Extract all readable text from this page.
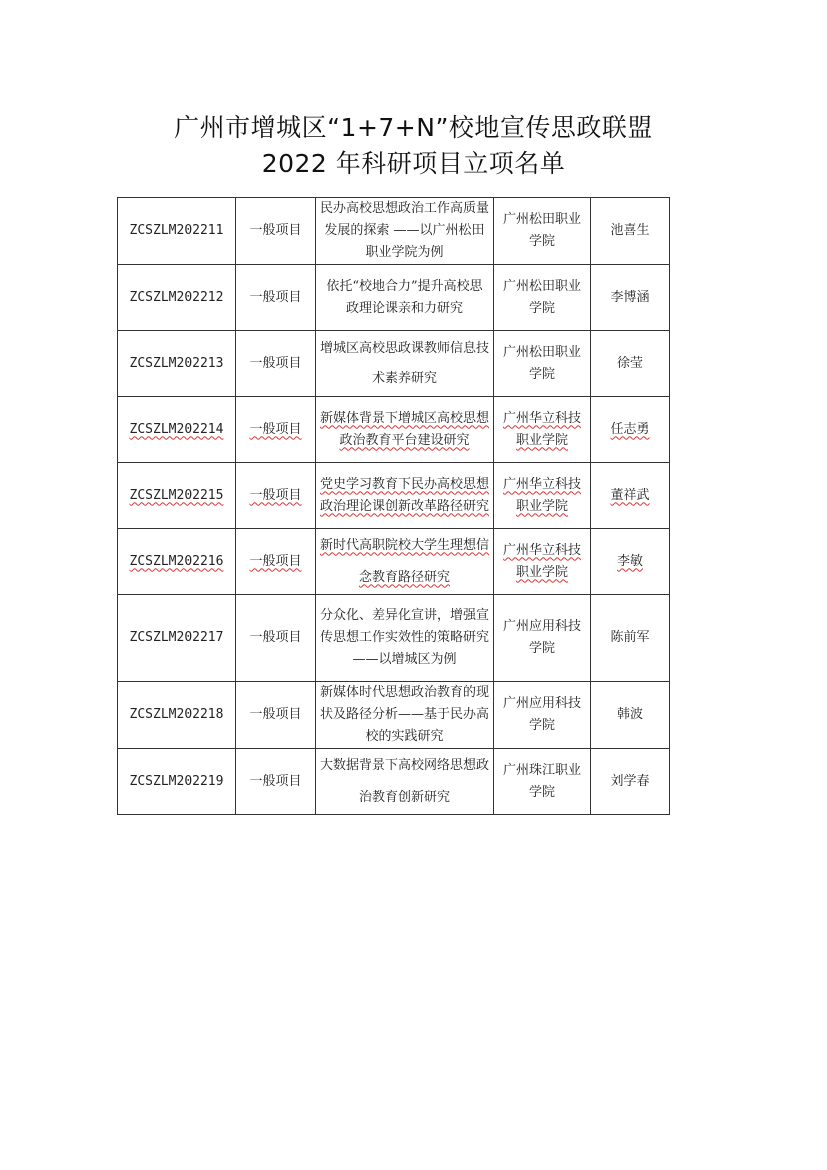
广州市增城区“1+7+N”校地宣传思政联盟
2022 年科研项目立项名单
ZCSZLM202211	一般项目	民办高校思想政治工作高质量发展的探索 ——以广州松田职业学院为例	广州松田职业学院	池喜生
ZCSZLM202212	一般项目	依托“校地合力”提升高校思政理论课亲和力研究	广州松田职业学院	李博涵
ZCSZLM202213	一般项目	增城区高校思政课教师信息技术素养研究	广州松田职业学院	徐莹
ZCSZLM202214	一般项目	新媒体背景下增城区高校思想政治教育平台建设研究	广州华立科技职业学院	任志勇
ZCSZLM202215	一般项目	党史学习教育下民办高校思想政治理论课创新改革路径研究	广州华立科技职业学院	董祥武
ZCSZLM202216	一般项目	新时代高职院校大学生理想信念教育路径研究	广州华立科技职业学院	李敏
ZCSZLM202217	一般项目	分众化、差异化宣讲，增强宣传思想工作实效性的策略研究——以增城区为例	广州应用科技学院	陈前军
ZCSZLM202218	一般项目	新媒体时代思想政治教育的现状及路径分析——基于民办高校的实践研究	广州应用科技学院	韩波
ZCSZLM202219	一般项目	大数据背景下高校网络思想政治教育创新研究	广州珠江职业学院	刘学春
